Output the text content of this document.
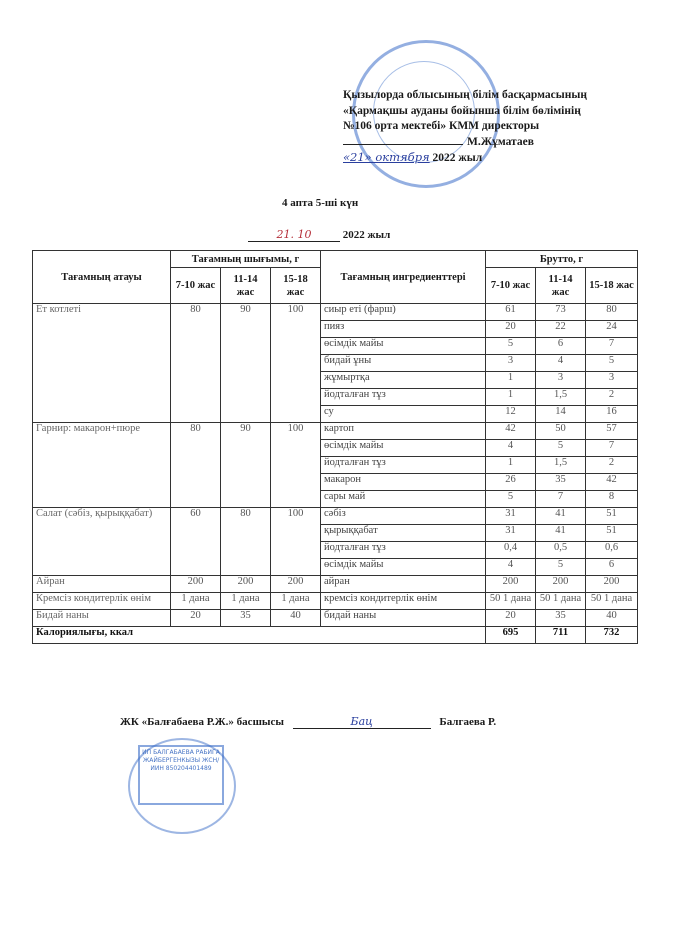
Қызылорда облысының білім басқармасының
«Қармақшы ауданы бойынша білім бөлімінің
№106 орта мектебі» КММ директоры
М.Жұматаев
«21» октября 2022 жыл
4 апта 5-ші күн
21. 10	2022 жыл
Тағамның атауы	Тағамның шығымы, г			Тағамның ингредиенттері	Брутто, г		
	7-10 жас	11-14 жас	15-18 жас		7-10 жас	11-14 жас	15-18 жас
Ет котлеті	80	90	100	сиыр еті (фарш)	61	73	80
				пияз	20	22	24
				өсімдік майы	5	6	7
				бидай ұны	3	4	5
				жұмыртқа	1	3	3
				йодталған тұз	1	1,5	2
				су	12	14	16
Гарнир: макарон+пюре	80	90	100	картоп	42	50	57
				өсімдік майы	4	5	7
				йодталған тұз	1	1,5	2
				макарон	26	35	42
				сары май	5	7	8
Салат (сәбіз, қырыққабат)	60	80	100	сәбіз	31	41	51
				қырыққабат	31	41	51
				йодталған тұз	0,4	0,5	0,6
				өсімдік майы	4	5	6
Айран	200	200	200	айран	200	200	200
Кремсіз кондитерлік өнім	1 дана	1 дана	1 дана	кремсіз кондитерлік өнім	50 1 дана	50 1 дана	50 1 дана
Бидай наны	20	35	40	бидай наны	20	35	40
Калориялығы, ккал					695	711	732
ЖК «Балғабаева Р.Ж.» басшысы	Бац	Балгаева Р.
ИП БАЛГАБАЕВА РАБИГА ЖАЙБЕРГЕНКЫЗЫ ЖСН/ИИН 850204401489
